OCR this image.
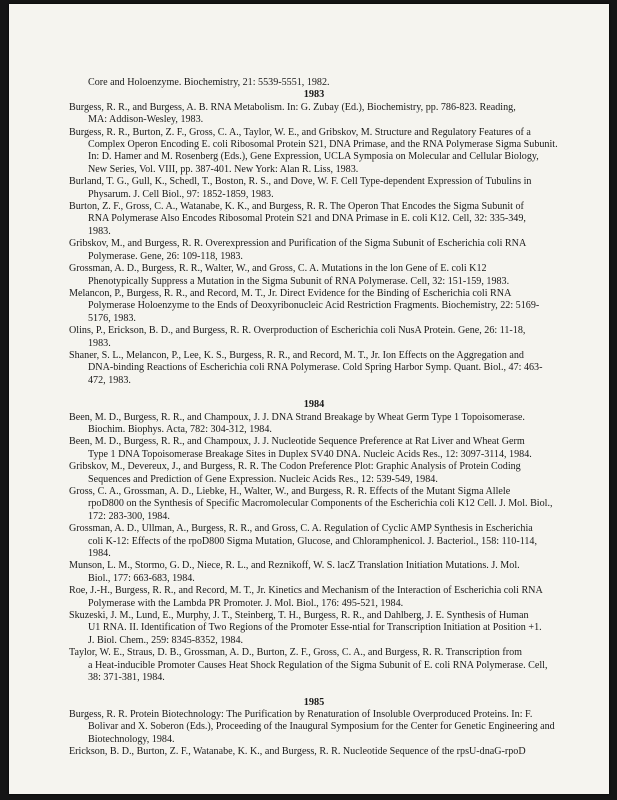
Core and Holoenzyme. Biochemistry, 21: 5539-5551, 1982.
1983
Burgess, R. R., and Burgess, A. B. RNA Metabolism. In: G. Zubay (Ed.), Biochemistry, pp. 786-823. Reading,
MA: Addison-Wesley, 1983.
Burgess, R. R., Burton, Z. F., Gross, C. A., Taylor, W. E., and Gribskov, M. Structure and Regulatory Features of a
Complex Operon Encoding E. coli Ribosomal Protein S21, DNA Primase, and the RNA Polymerase Sigma Subunit.
In: D. Hamer and M. Rosenberg (Eds.), Gene Expression, UCLA Symposia on Molecular and Cellular Biology,
New Series, Vol. VIII, pp. 387-401. New York: Alan R. Liss, 1983.
Burland, T. G., Gull, K., Schedl, T., Boston, R. S., and Dove, W. F. Cell Type-dependent Expression of Tubulins in
Physarum. J. Cell Biol., 97: 1852-1859, 1983.
Burton, Z. F., Gross, C. A., Watanabe, K. K., and Burgess, R. R. The Operon That Encodes the Sigma Subunit of
RNA Polymerase Also Encodes Ribosomal Protein S21 and DNA Primase in E. coli K12. Cell, 32: 335-349,
1983.
Gribskov, M., and Burgess, R. R. Overexpression and Purification of the Sigma Subunit of Escherichia coli RNA
Polymerase. Gene, 26: 109-118, 1983.
Grossman, A. D., Burgess, R. R., Walter, W., and Gross, C. A. Mutations in the lon Gene of E. coli K12
Phenotypically Suppress a Mutation in the Sigma Subunit of RNA Polymerase. Cell, 32: 151-159, 1983.
Melancon, P., Burgess, R. R., and Record, M. T., Jr. Direct Evidence for the Binding of Escherichia coli RNA
Polymerase Holoenzyme to the Ends of Deoxyribonucleic Acid Restriction Fragments. Biochemistry, 22: 5169-
5176, 1983.
Olins, P., Erickson, B. D., and Burgess, R. R. Overproduction of Escherichia coli NusA Protein. Gene, 26: 11-18,
1983.
Shaner, S. L., Melancon, P., Lee, K. S., Burgess, R. R., and Record, M. T., Jr. Ion Effects on the Aggregation and
DNA-binding Reactions of Escherichia coli RNA Polymerase. Cold Spring Harbor Symp. Quant. Biol., 47: 463-
472, 1983.
1984
Been, M. D., Burgess, R. R., and Champoux, J. J. DNA Strand Breakage by Wheat Germ Type 1 Topoisomerase.
Biochim. Biophys. Acta, 782: 304-312, 1984.
Been, M. D., Burgess, R. R., and Champoux, J. J. Nucleotide Sequence Preference at Rat Liver and Wheat Germ
Type 1 DNA Topoisomerase Breakage Sites in Duplex SV40 DNA. Nucleic Acids Res., 12: 3097-3114, 1984.
Gribskov, M., Devereux, J., and Burgess, R. R. The Codon Preference Plot: Graphic Analysis of Protein Coding
Sequences and Prediction of Gene Expression. Nucleic Acids Res., 12: 539-549, 1984.
Gross, C. A., Grossman, A. D., Liebke, H., Walter, W., and Burgess, R. R. Effects of the Mutant Sigma Allele
rpoD800 on the Synthesis of Specific Macromolecular Components of the Escherichia coli K12 Cell. J. Mol. Biol.,
172: 283-300, 1984.
Grossman, A. D., Ullman, A., Burgess, R. R., and Gross, C. A. Regulation of Cyclic AMP Synthesis in Escherichia
coli K-12: Effects of the rpoD800 Sigma Mutation, Glucose, and Chloramphenicol. J. Bacteriol., 158: 110-114,
1984.
Munson, L. M., Stormo, G. D., Niece, R. L., and Reznikoff, W. S. lacZ Translation Initiation Mutations. J. Mol.
Biol., 177: 663-683, 1984.
Roe, J.-H., Burgess, R. R., and Record, M. T., Jr. Kinetics and Mechanism of the Interaction of Escherichia coli RNA
Polymerase with the Lambda PR Promoter. J. Mol. Biol., 176: 495-521, 1984.
Skuzeski, J. M., Lund, E., Murphy, J. T., Steinberg, T. H., Burgess, R. R., and Dahlberg, J. E. Synthesis of Human
U1 RNA. II. Identification of Two Regions of the Promoter Esse-ntial for Transcription Initiation at Position +1.
J. Biol. Chem., 259: 8345-8352, 1984.
Taylor, W. E., Straus, D. B., Grossman, A. D., Burton, Z. F., Gross, C. A., and Burgess, R. R. Transcription from
a Heat-inducible Promoter Causes Heat Shock Regulation of the Sigma Subunit of E. coli RNA Polymerase. Cell,
38: 371-381, 1984.
1985
Burgess, R. R. Protein Biotechnology: The Purification by Renaturation of Insoluble Overproduced Proteins. In: F.
Bolivar and X. Soberon (Eds.), Proceeding of the Inaugural Symposium for the Center for Genetic Engineering and
Biotechnology, 1984.
Erickson, B. D., Burton, Z. F., Watanabe, K. K., and Burgess, R. R. Nucleotide Sequence of the rpsU-dnaG-rpoD
